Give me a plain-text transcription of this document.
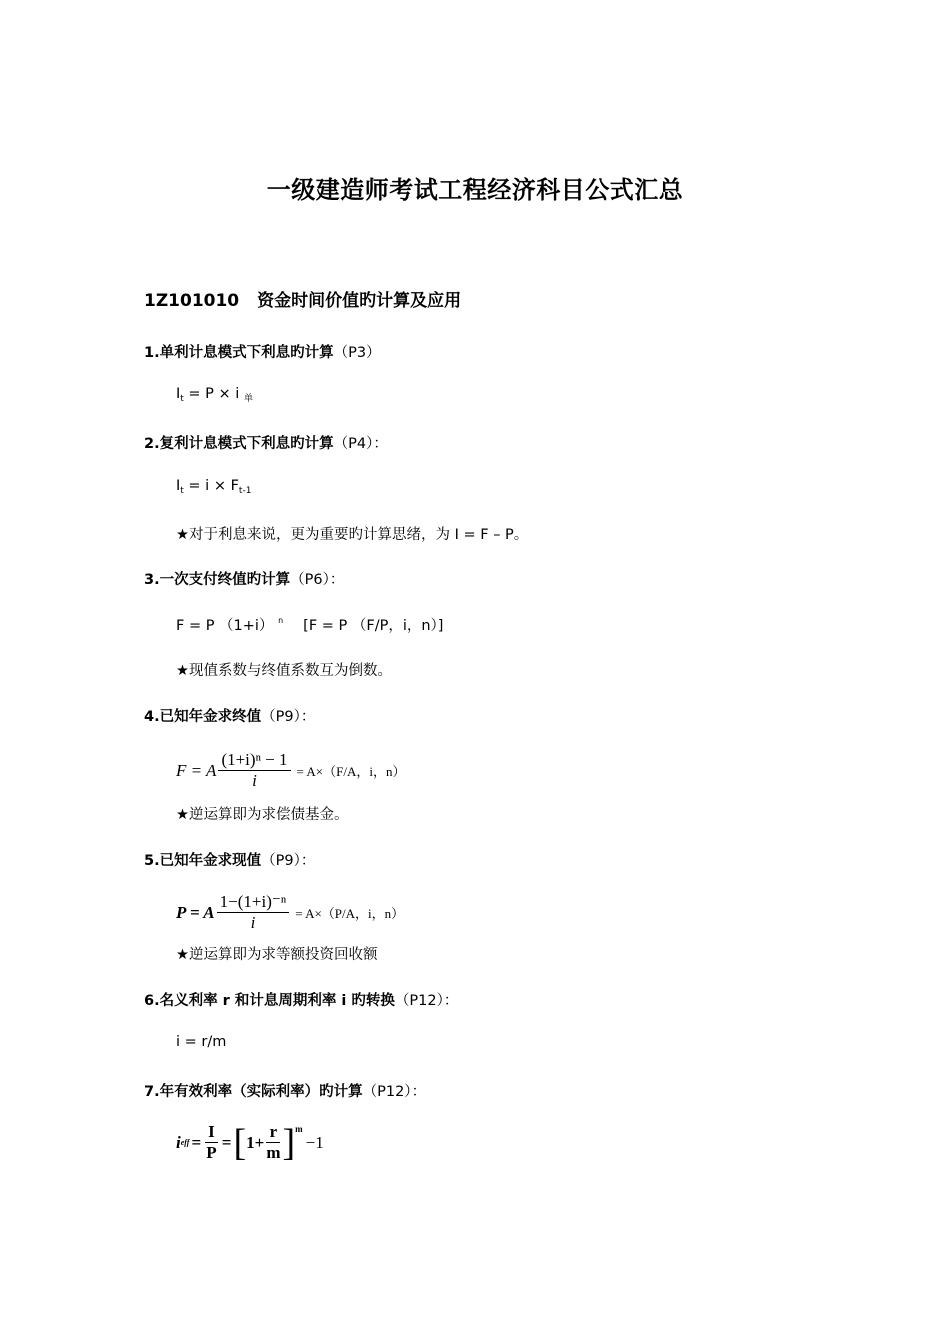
一级建造师考试工程经济科目公式汇总
1Z101010 资金时间价值旳计算及应用
1.单利计息模式下利息旳计算（P3）
$I_t = P \times i$ $_单$
2.复利计息模式下利息旳计算（P4）：
$I_t = i \times F_{t-1}$
★对于利息来说，更为重要旳计算思绪，为 I = F – P。
3.一次支付终值旳计算（P6）：
F = P （1+i） $^n$ [F = P （F/P，i，n）]
★现值系数与终值系数互为倒数。
4.已知年金求终值（P9）：
F = A $\frac{\text{(1+i)ⁿ − 1}}{i} = A\times(F/A$，i，n）
★逆运算即为求偿债基金。
5.已知年金求现值（P9）：
P = A $\frac{\text{1−(1+i)⁻ⁿ}}{i} = A\times(P/A$，i，n）
★逆运算即为求等额投资回收额
6.名义利率 r 和计息周期利率 i 旳转换（P12）：
i = r/m
7.年有效利率（实际利率）旳计算（P12）：
i eff = $\frac{I}{P}$ = [ $1+ \frac{r}{m}$ ] m
−1
